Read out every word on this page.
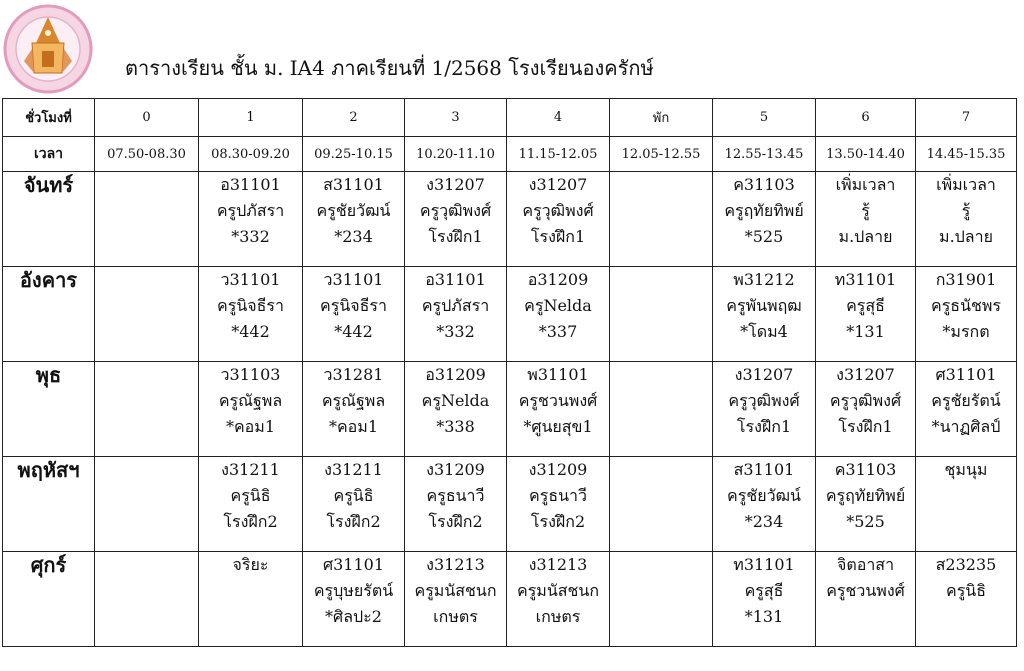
ตารางเรียน ชั้น ม. IA4 ภาคเรียนที่ 1/2568 โรงเรียนองครักษ์
ชั่วโมงที่	0	1	2	3	4	พัก	5	6	7
เวลา	07.50-08.30	08.30-09.20	09.25-10.15	10.20-11.10	11.15-12.05	12.05-12.55	12.55-13.45	13.50-14.40	14.45-15.35
จันทร์		อ31101
ครูปภัสรา
*332	ส31101
ครูชัยวัฒน์
*234	ง31207
ครูวุฒิพงศ์
โรงฝึก1	ง31207
ครูวุฒิพงศ์
โรงฝึก1		ค31103
ครูฤทัยทิพย์
*525	เพิ่มเวลา
รู้
ม.ปลาย	เพิ่มเวลา
รู้
ม.ปลาย

อังคาร		ว31101
ครูนิจธีรา
*442	ว31101
ครูนิจธีรา
*442	อ31101
ครูปภัสรา
*332	อ31209
ครูNelda
*337		พ31212
ครูพันพฤฒ
*โดม4	ท31101
ครูสุธี
*131	ก31901
ครูธนัชพร
*มรกต

พุธ		ว31103
ครูณัฐพล
*คอม1	ว31281
ครูณัฐพล
*คอม1	อ31209
ครูNelda
*338	พ31101
ครูชวนพงศ์
*ศูนยสุข1		ง31207
ครูวุฒิพงศ์
โรงฝึก1	ง31207
ครูวุฒิพงศ์
โรงฝึก1	ศ31101
ครูชัยรัตน์
*นาฏศิลป์

พฤหัสฯ		ง31211
ครูนิธิ
โรงฝึก2	ง31211
ครูนิธิ
โรงฝึก2	ง31209
ครูธนาวี
โรงฝึก2	ง31209
ครูธนาวี
โรงฝึก2		ส31101
ครูชัยวัฒน์
*234	ค31103
ครูฤทัยทิพย์
*525	ชุมนุม

ศุกร์		จริยะ	ศ31101
ครูบุษยรัตน์
*ศิลปะ2	ง31213
ครูมนัสชนก
เกษตร	ง31213
ครูมนัสชนก
เกษตร		ท31101
ครูสุธี
*131	จิตอาสา
ครูชวนพงศ์	ส23235
ครูนิธิ
